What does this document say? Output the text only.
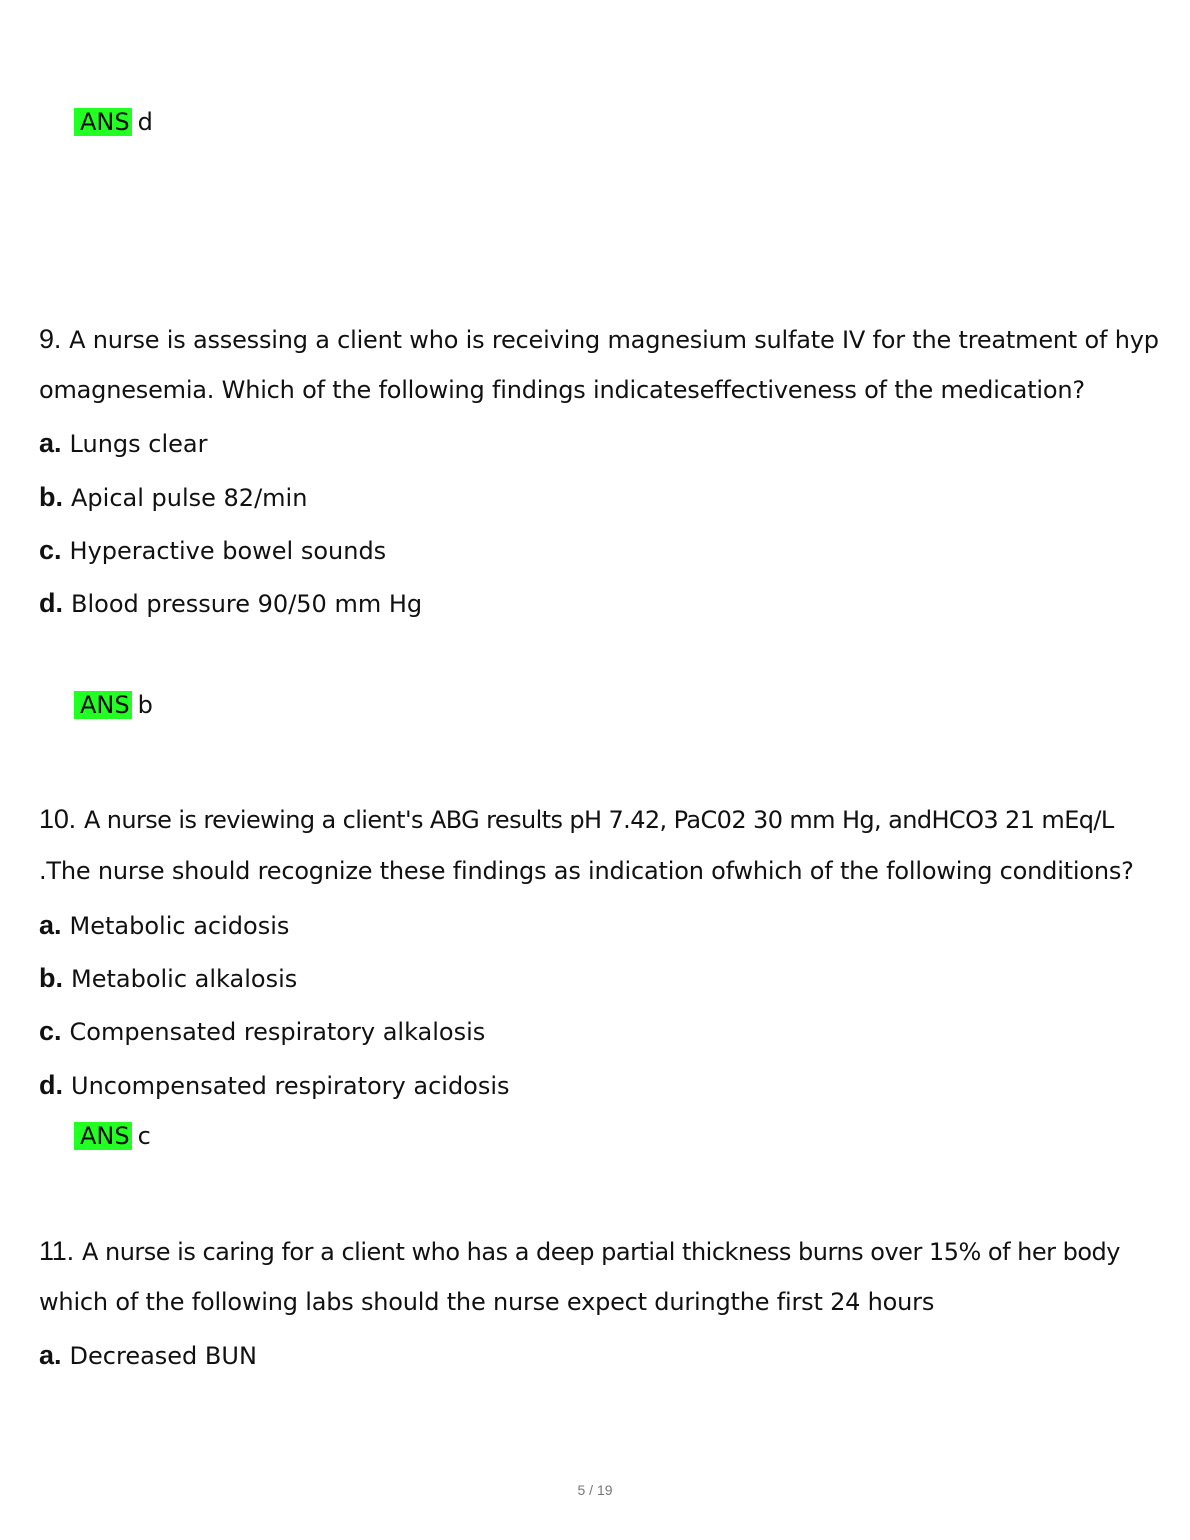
ANS d
9. A nurse is assessing a client who is receiving magnesium sulfate IV for the treatment of hyp
omagnesemia. Which of the following findings indicateseffectiveness of the medication?
a. Lungs clear
b. Apical pulse 82/min
c. Hyperactive bowel sounds
d. Blood pressure 90/50 mm Hg
ANS b
10. A nurse is reviewing a client's ABG results pH 7.42, PaC02 30 mm Hg, andHCO3 21 mEq/L
.The nurse should recognize these findings as indication ofwhich of the following conditions?
a. Metabolic acidosis
b. Metabolic alkalosis
c. Compensated respiratory alkalosis
d. Uncompensated respiratory acidosis
ANS c
11. A nurse is caring for a client who has a deep partial thickness burns over 15% of her body
which of the following labs should the nurse expect duringthe first 24 hours
a. Decreased BUN
5 / 19
